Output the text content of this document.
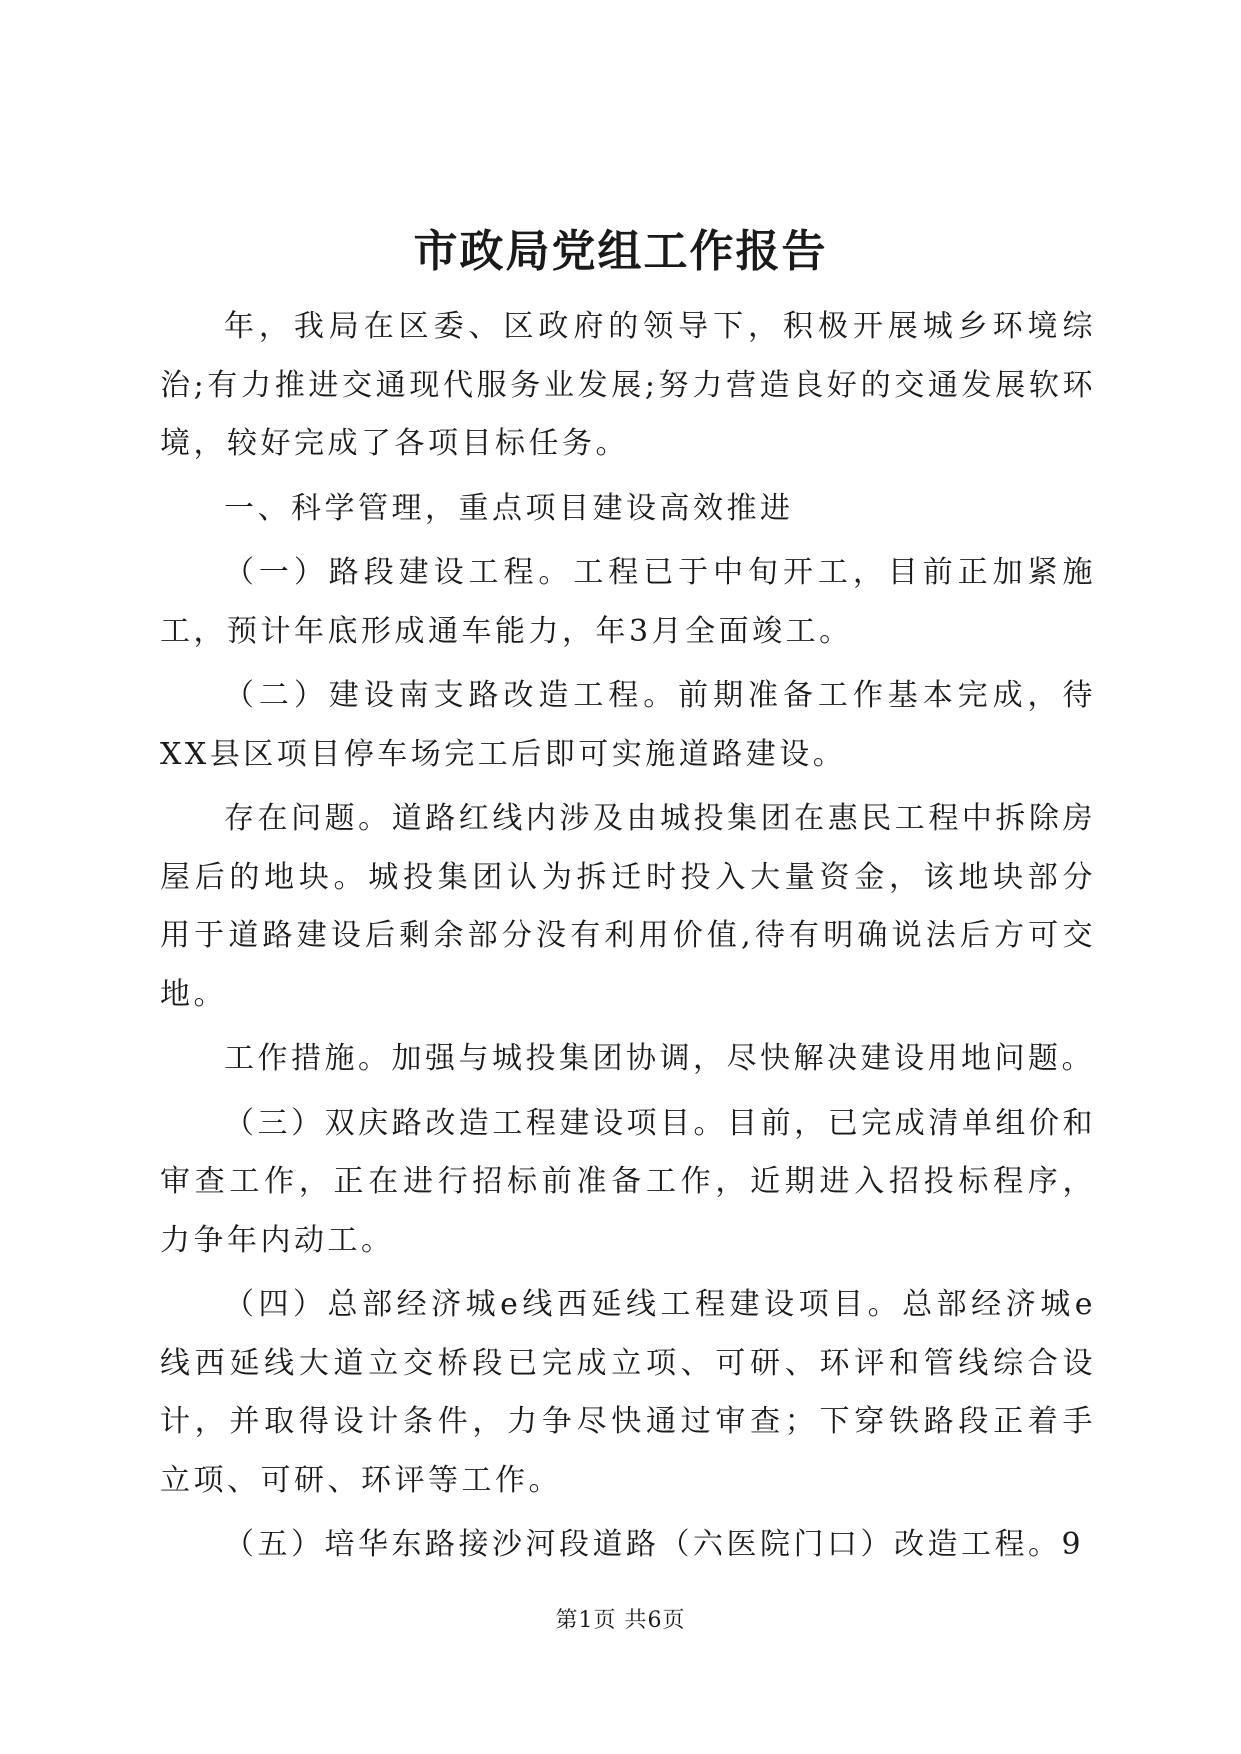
市政局党组工作报告

年，我局在区委、区政府的领导下，积极开展城乡环境综治;有力推进交通现代服务业发展;努力营造良好的交通发展软环境，较好完成了各项目标任务。

一、科学管理，重点项目建设高效推进

（一）路段建设工程。工程已于中旬开工，目前正加紧施工，预计年底形成通车能力，年3月全面竣工。

（二）建设南支路改造工程。前期准备工作基本完成，待XX县区项目停车场完工后即可实施道路建设。

存在问题。道路红线内涉及由城投集团在惠民工程中拆除房屋后的地块。城投集团认为拆迁时投入大量资金，该地块部分用于道路建设后剩余部分没有利用价值,待有明确说法后方可交地。

工作措施。加强与城投集团协调，尽快解决建设用地问题。

（三）双庆路改造工程建设项目。目前，已完成清单组价和审查工作，正在进行招标前准备工作，近期进入招投标程序，力争年内动工。

（四）总部经济城e线西延线工程建设项目。总部经济城e线西延线大道立交桥段已完成立项、可研、环评和管线综合设计，并取得设计条件，力争尽快通过审查；下穿铁路段正着手立项、可研、环评等工作。

（五）培华东路接沙河段道路（六医院门口）改造工程。9

第1页 共6页
